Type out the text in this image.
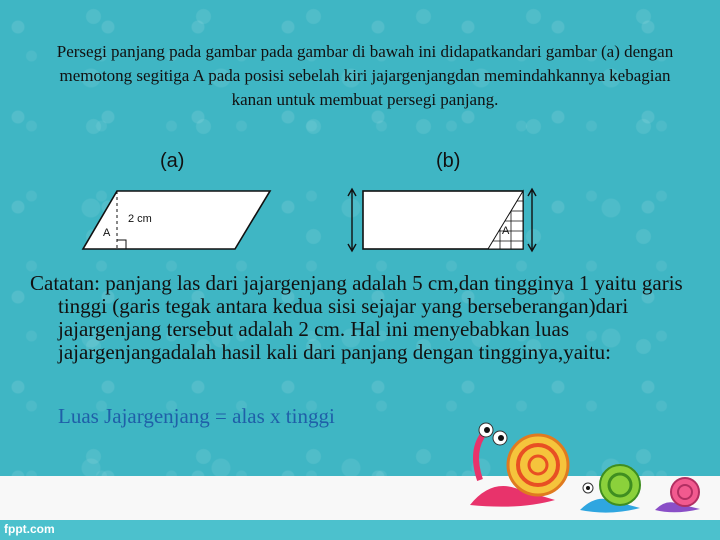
Persegi panjang pada gambar pada gambar di bawah ini didapatkandari gambar (a) dengan memotong segitiga A pada posisi sebelah kiri jajargenjangdan memindahkannya kebagian kanan untuk membuat persegi panjang.
(a)	(b)
A
2 cm
A
Catatan: panjang las dari jajargenjang adalah 5 cm,dan tingginya 1 yaitu garis tinggi (garis tegak antara kedua sisi sejajar yang berseberangan)dari jajargenjang tersebut adalah 2 cm. Hal ini menyebabkan luas jajargenjangadalah hasil kali dari panjang dengan tingginya,yaitu:
Luas Jajargenjang = alas x tinggi
fppt.com
